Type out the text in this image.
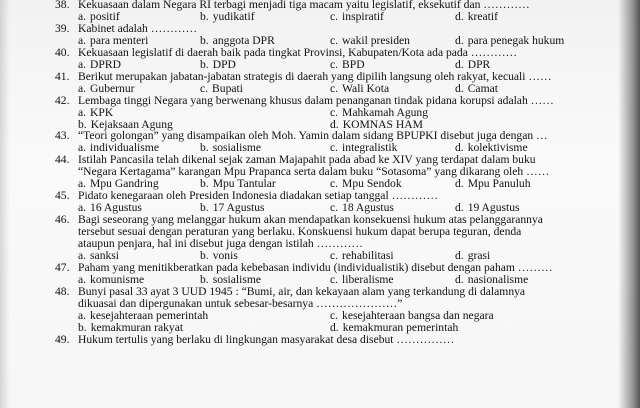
38. Kekuasaan dalam Negara RI terbagi menjadi tiga macam yaitu legislatif, eksekutif dan …………
a. positif	b. yudikatif	c. inspiratif	d. kreatif
39. Kabinet adalah …………
a. para menteri	b. anggota DPR	c. wakil presiden	d. para penegak hukum
40. Kekuasaan legislatif di daerah baik pada tingkat Provinsi, Kabupaten/Kota ada pada …………
a. DPRD	b. DPD	c. BPD	d. DPR
41. Berikut merupakan jabatan-jabatan strategis di daerah yang dipilih langsung oleh rakyat, kecuali ……
a. Gubernur	c. Bupati	c. Wali Kota	d. Camat
42. Lembaga tinggi Negara yang berwenang khusus dalam penanganan tindak pidana korupsi adalah ……
a. KPK	c. Mahkamah Agung
b. Kejaksaan Agung	d. KOMNAS HAM
43. “Teori golongan” yang disampaikan oleh Moh. Yamin dalam sidang BPUPKI disebut juga dengan …
a. individualisme	b. sosialisme	c. integralistik	d. kolektivisme
44. Istilah Pancasila telah dikenal sejak zaman Majapahit pada abad ke XIV yang terdapat dalam buku
“Negara Kertagama” karangan Mpu Prapanca serta dalam buku “Sotasoma” yang dikarang oleh ……
a. Mpu Gandring	b. Mpu Tantular	c. Mpu Sendok	d. Mpu Panuluh
45. Pidato kenegaraan oleh Presiden Indonesia diadakan setiap tanggal …………
a. 16 Agustus	b. 17 Agustus	c. 18 Agustus	d. 19 Agustus
46. Bagi seseorang yang melanggar hukum akan mendapatkan konsekuensi hukum atas pelanggarannya
tersebut sesuai dengan peraturan yang berlaku. Konskuensi hukum dapat berupa teguran, denda
ataupun penjara, hal ini disebut juga dengan istilah …………
a. sanksi	b. vonis	c. rehabilitasi	d. grasi
47. Paham yang menitikberatkan pada kebebasan individu (individualistik) disebut dengan paham ………
a. komunisme	b. sosialisme	c. liberalisme	d. nasionalisme
48. Bunyi pasal 33 ayat 3 UUD 1945 : “Bumi, air, dan kekayaan alam yang terkandung di dalamnya
dikuasai dan dipergunakan untuk sebesar-besarnya …………………”
a. kesejahteraan pemerintah	c. kesejahteraan bangsa dan negara
b. kemakmuran rakyat	d. kemakmuran pemerintah
49. Hukum tertulis yang berlaku di lingkungan masyarakat desa disebut ……………
